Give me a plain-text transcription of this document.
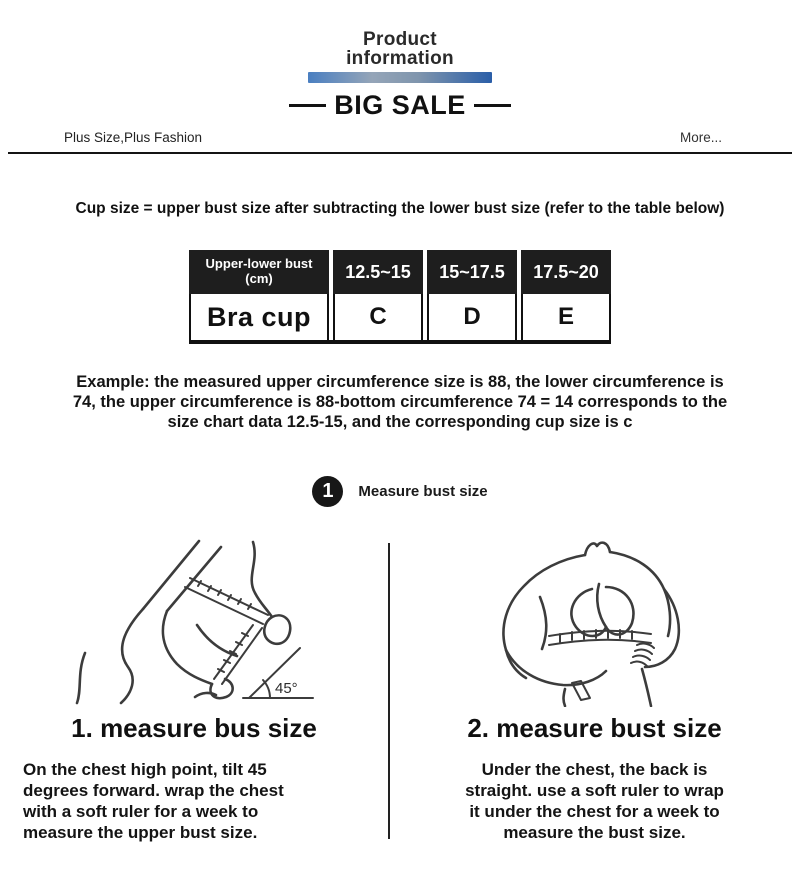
Product
information
BIG SALE
Plus Size,Plus Fashion	More...
Cup size = upper bust size after subtracting the lower bust size (refer to the table below)
Upper-lower bust
(cm)	12.5~15	15~17.5	17.5~20
Bra cup	C	D	E
Example: the measured upper circumference size is 88, the lower circumference is
74, the upper circumference is 88-bottom circumference 74 = 14 corresponds to the
size chart data 12.5-15, and the corresponding cup size is c
1	Measure bust size
45°
1. measure bus size
On the chest high point, tilt 45
degrees forward. wrap the chest
with a soft ruler for a week to
measure the upper bust size.
2. measure bust size
Under the chest, the back is
straight. use a soft ruler to wrap
it under the chest for a week to
measure the bust size.
